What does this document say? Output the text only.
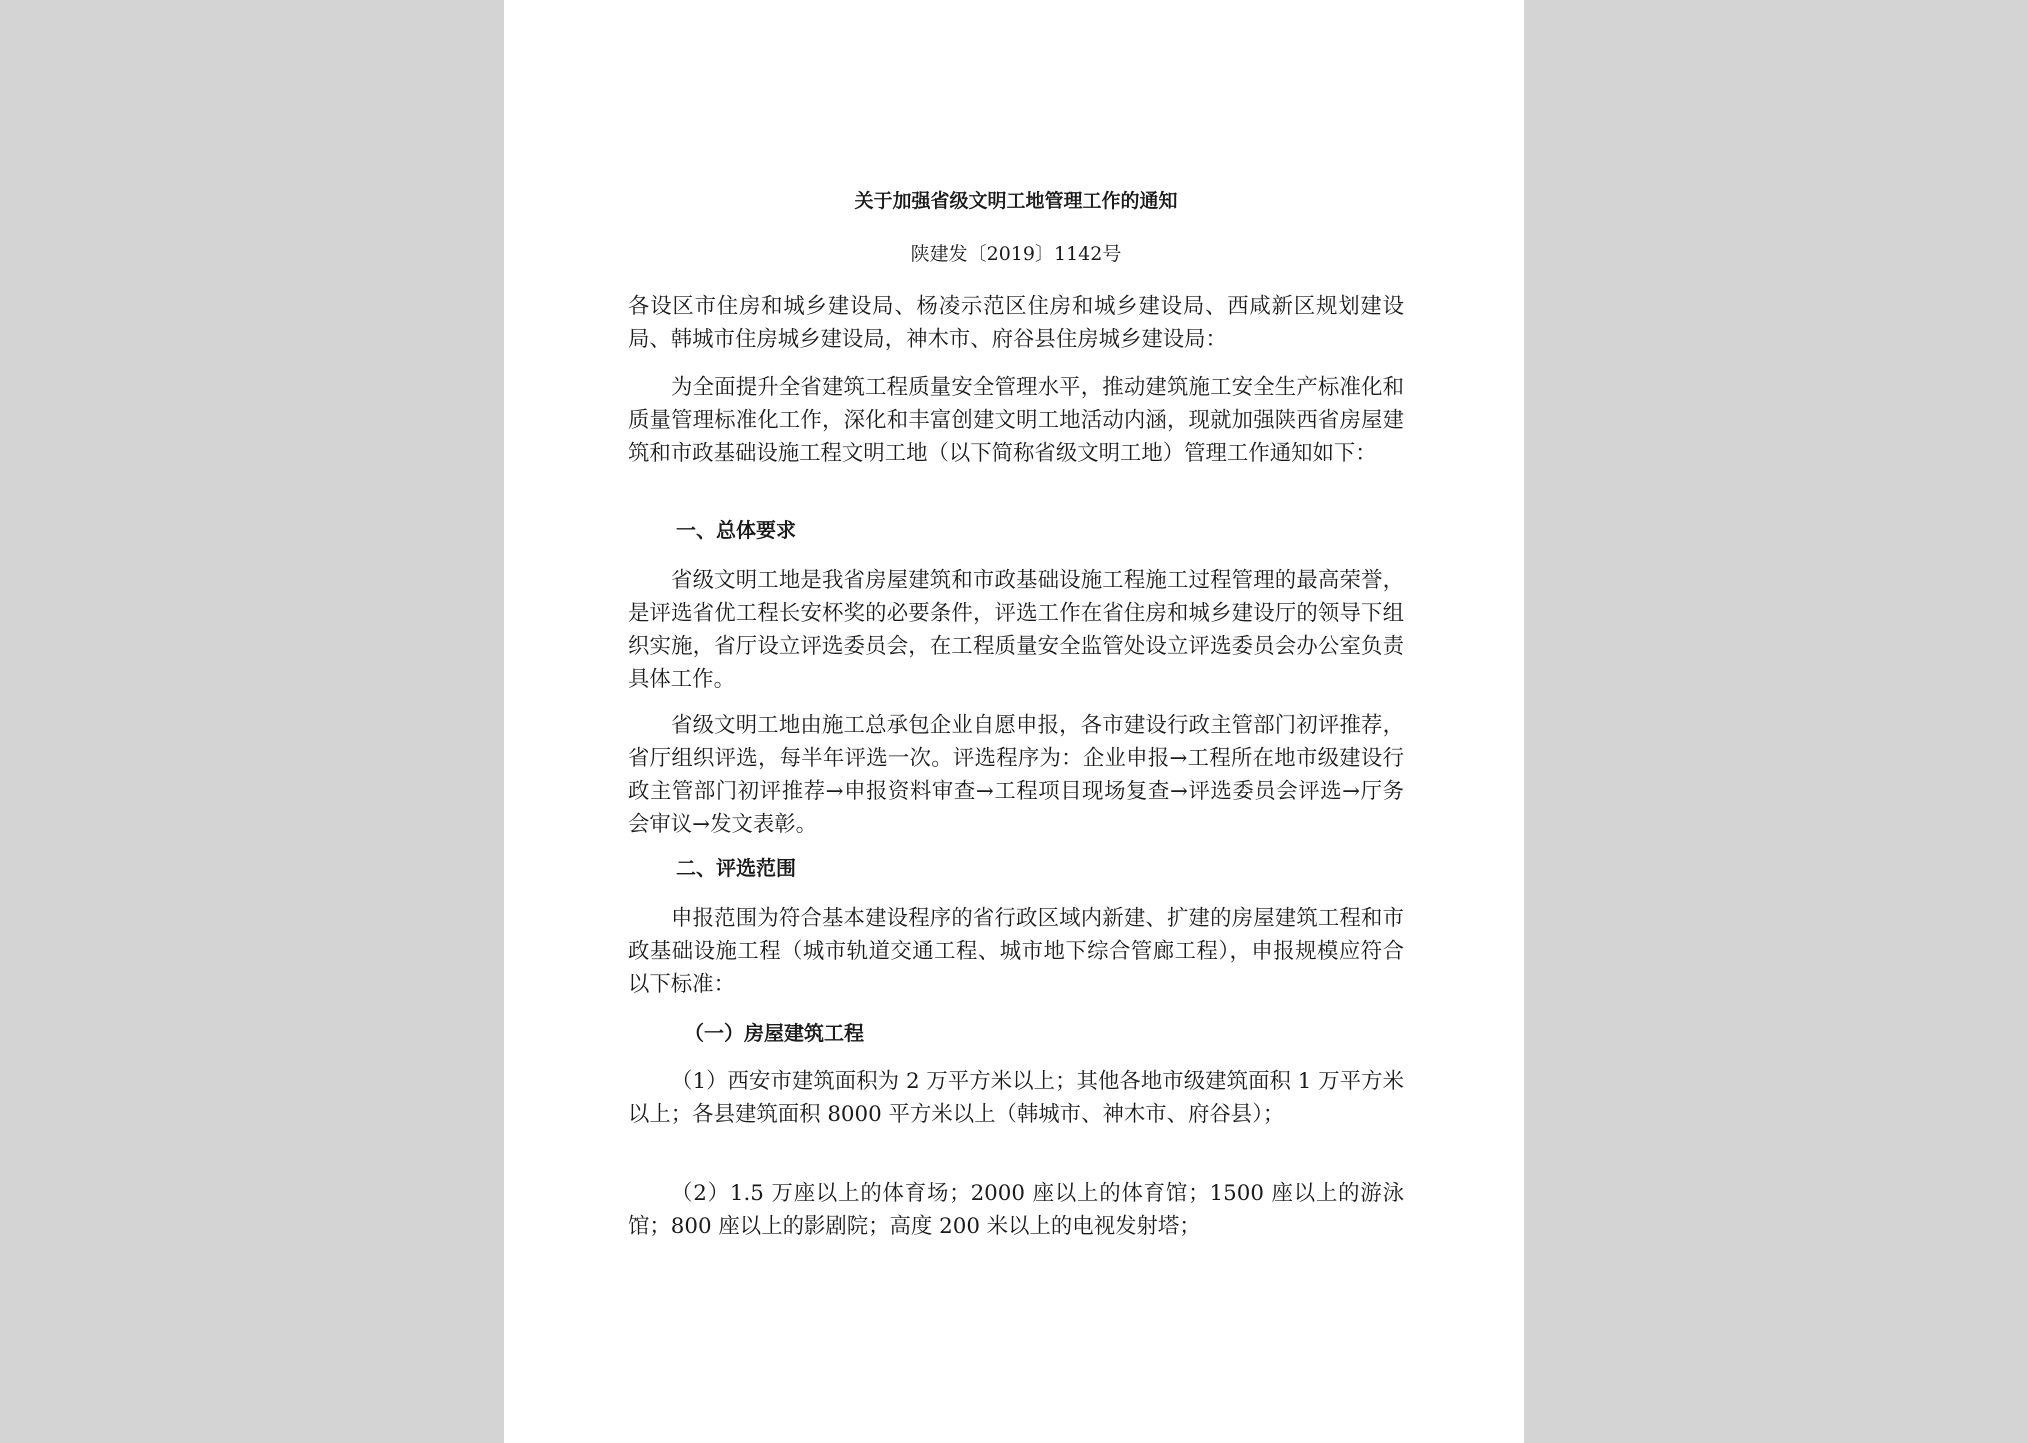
关于加强省级文明工地管理工作的通知

陕建发〔2019〕1142号

各设区市住房和城乡建设局、杨凌示范区住房和城乡建设局、西咸新区规划建设局、韩城市住房城乡建设局，神木市、府谷县住房城乡建设局：

为全面提升全省建筑工程质量安全管理水平，推动建筑施工安全生产标准化和质量管理标准化工作，深化和丰富创建文明工地活动内涵，现就加强陕西省房屋建筑和市政基础设施工程文明工地（以下简称省级文明工地）管理工作通知如下：

一、总体要求

省级文明工地是我省房屋建筑和市政基础设施工程施工过程管理的最高荣誉，是评选省优工程长安杯奖的必要条件，评选工作在省住房和城乡建设厅的领导下组织实施，省厅设立评选委员会，在工程质量安全监管处设立评选委员会办公室负责具体工作。

省级文明工地由施工总承包企业自愿申报，各市建设行政主管部门初评推荐，省厅组织评选，每半年评选一次。评选程序为：企业申报→工程所在地市级建设行政主管部门初评推荐→申报资料审查→工程项目现场复查→评选委员会评选→厅务会审议→发文表彰。

二、评选范围

申报范围为符合基本建设程序的省行政区域内新建、扩建的房屋建筑工程和市政基础设施工程（城市轨道交通工程、城市地下综合管廊工程），申报规模应符合以下标准：

（一）房屋建筑工程

（1）西安市建筑面积为 2 万平方米以上；其他各地市级建筑面积 1 万平方米以上；各县建筑面积 8000 平方米以上（韩城市、神木市、府谷县）；

（2）1.5 万座以上的体育场；2000 座以上的体育馆；1500 座以上的游泳馆；800 座以上的影剧院；高度 200 米以上的电视发射塔；
